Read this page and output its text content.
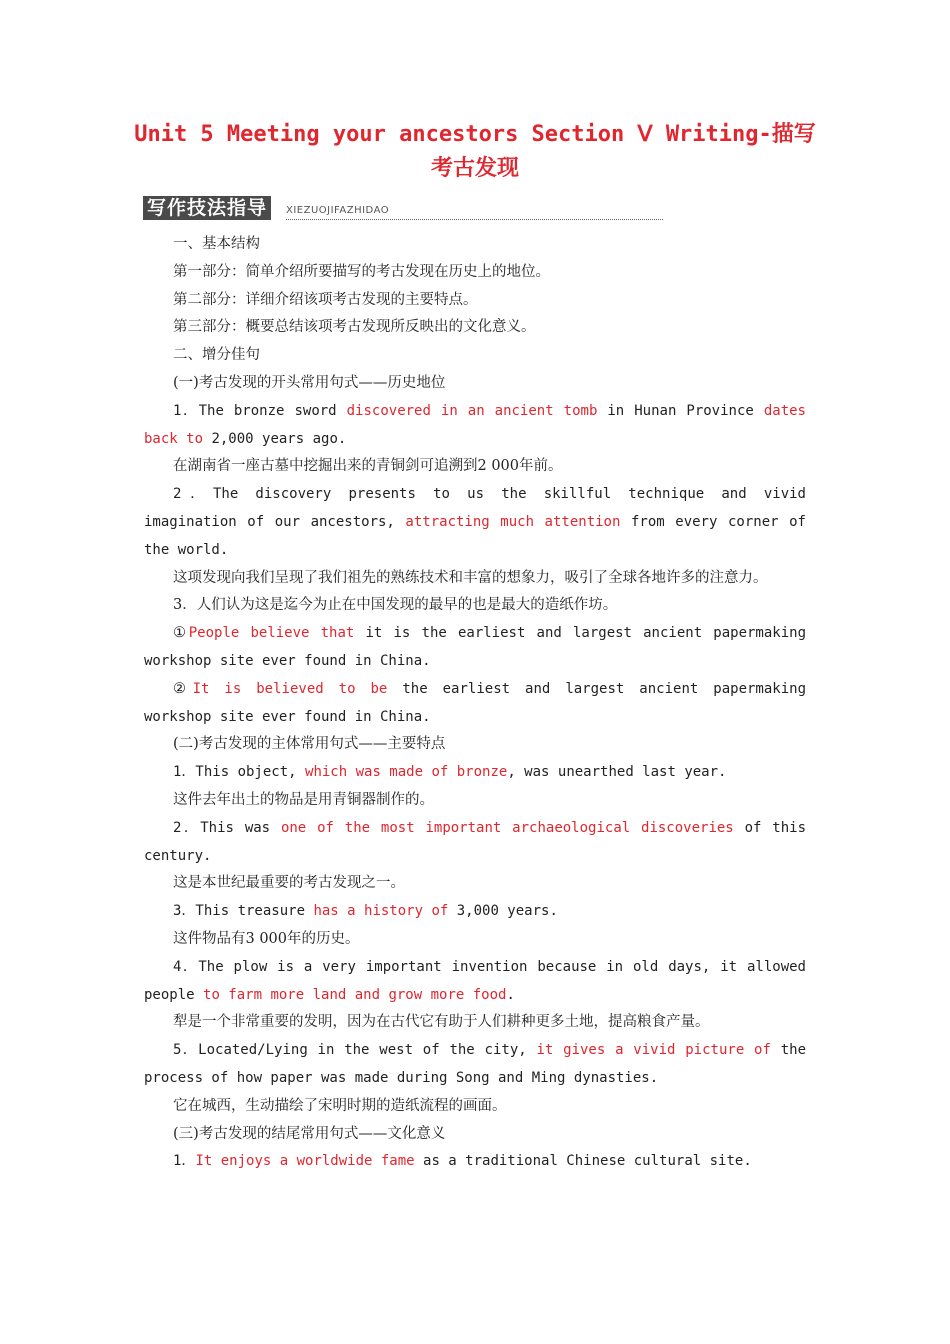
Unit 5 Meeting your ancestors Section Ⅴ Writing-描写考古发现
写作技法指导	XIEZUOJIFAZHIDAO

一、基本结构

第一部分：简单介绍所要描写的考古发现在历史上的地位。

第二部分：详细介绍该项考古发现的主要特点。

第三部分：概要总结该项考古发现所反映出的文化意义。

二、增分佳句

(一)考古发现的开头常用句式——历史地位

1．The bronze sword discovered in an ancient tomb in Hunan Province dates back to 2,000 years ago.

在湖南省一座古墓中挖掘出来的青铜剑可追溯到2 000年前。

2．The discovery presents to us the skillful technique and vivid imagination of our ancestors, attracting much attention from every corner of the world.

这项发现向我们呈现了我们祖先的熟练技术和丰富的想象力，吸引了全球各地许多的注意力。

3．人们认为这是迄今为止在中国发现的最早的也是最大的造纸作坊。

①People believe that it is the earliest and largest ancient papermaking workshop site ever found in China.

②It is believed to be the earliest and largest ancient papermaking workshop site ever found in China.

(二)考古发现的主体常用句式——主要特点

1．This object, which was made of bronze, was unearthed last year.

这件去年出土的物品是用青铜器制作的。

2．This was one of the most important archaeological discoveries of this century.

这是本世纪最重要的考古发现之一。

3．This treasure has a history of 3,000 years.

这件物品有3 000年的历史。

4．The plow is a very important invention because in old days, it allowed people to farm more land and grow more food.

犁是一个非常重要的发明，因为在古代它有助于人们耕种更多土地，提高粮食产量。

5．Located/Lying in the west of the city, it gives a vivid picture of the process of how paper was made during Song and Ming dynasties.

它在城西，生动描绘了宋明时期的造纸流程的画面。

(三)考古发现的结尾常用句式——文化意义

1．It enjoys a worldwide fame as a traditional Chinese cultural site.
